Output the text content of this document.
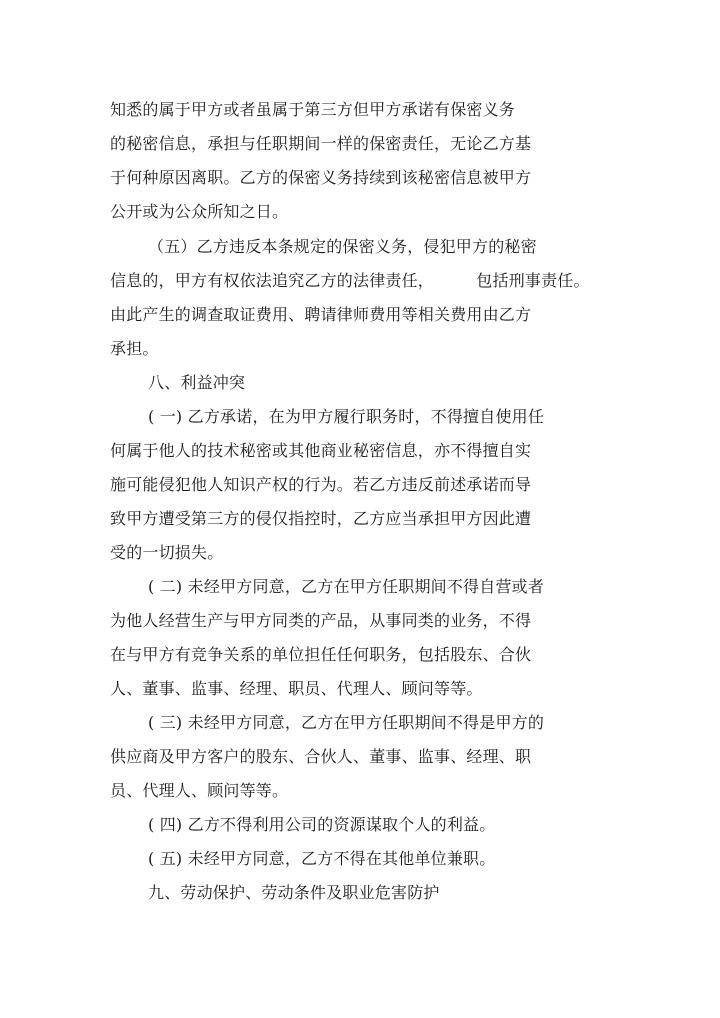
知悉的属于甲方或者虽属于第三方但甲方承诺有保密义务
的秘密信息，承担与任职期间一样的保密责任，无论乙方基
于何种原因离职。乙方的保密义务持续到该秘密信息被甲方
公开或为公众所知之日。
（五）乙方违反本条规定的保密义务，侵犯甲方的秘密
信息的，甲方有权依法追究乙方的法律责任，        包括刑事责任。
由此产生的调查取证费用、聘请律师费用等相关费用由乙方
承担。
八、利益冲突
( 一) 乙方承诺，在为甲方履行职务时，不得擅自使用任
何属于他人的技术秘密或其他商业秘密信息，亦不得擅自实
施可能侵犯他人知识产权的行为。若乙方违反前述承诺而导
致甲方遭受第三方的侵仅指控时，乙方应当承担甲方因此遭
受的一切损失。
( 二) 未经甲方同意，乙方在甲方任职期间不得自营或者
为他人经营生产与甲方同类的产品，从事同类的业务，不得
在与甲方有竞争关系的单位担任任何职务，包括股东、合伙
人、董事、监事、经理、职员、代理人、顾问等等。
( 三) 未经甲方同意，乙方在甲方任职期间不得是甲方的
供应商及甲方客户的股东、合伙人、董事、监事、经理、职
员、代理人、顾问等等。
( 四) 乙方不得利用公司的资源谋取个人的利益。
( 五) 未经甲方同意，乙方不得在其他单位兼职。
九、劳动保护、劳动条件及职业危害防护
